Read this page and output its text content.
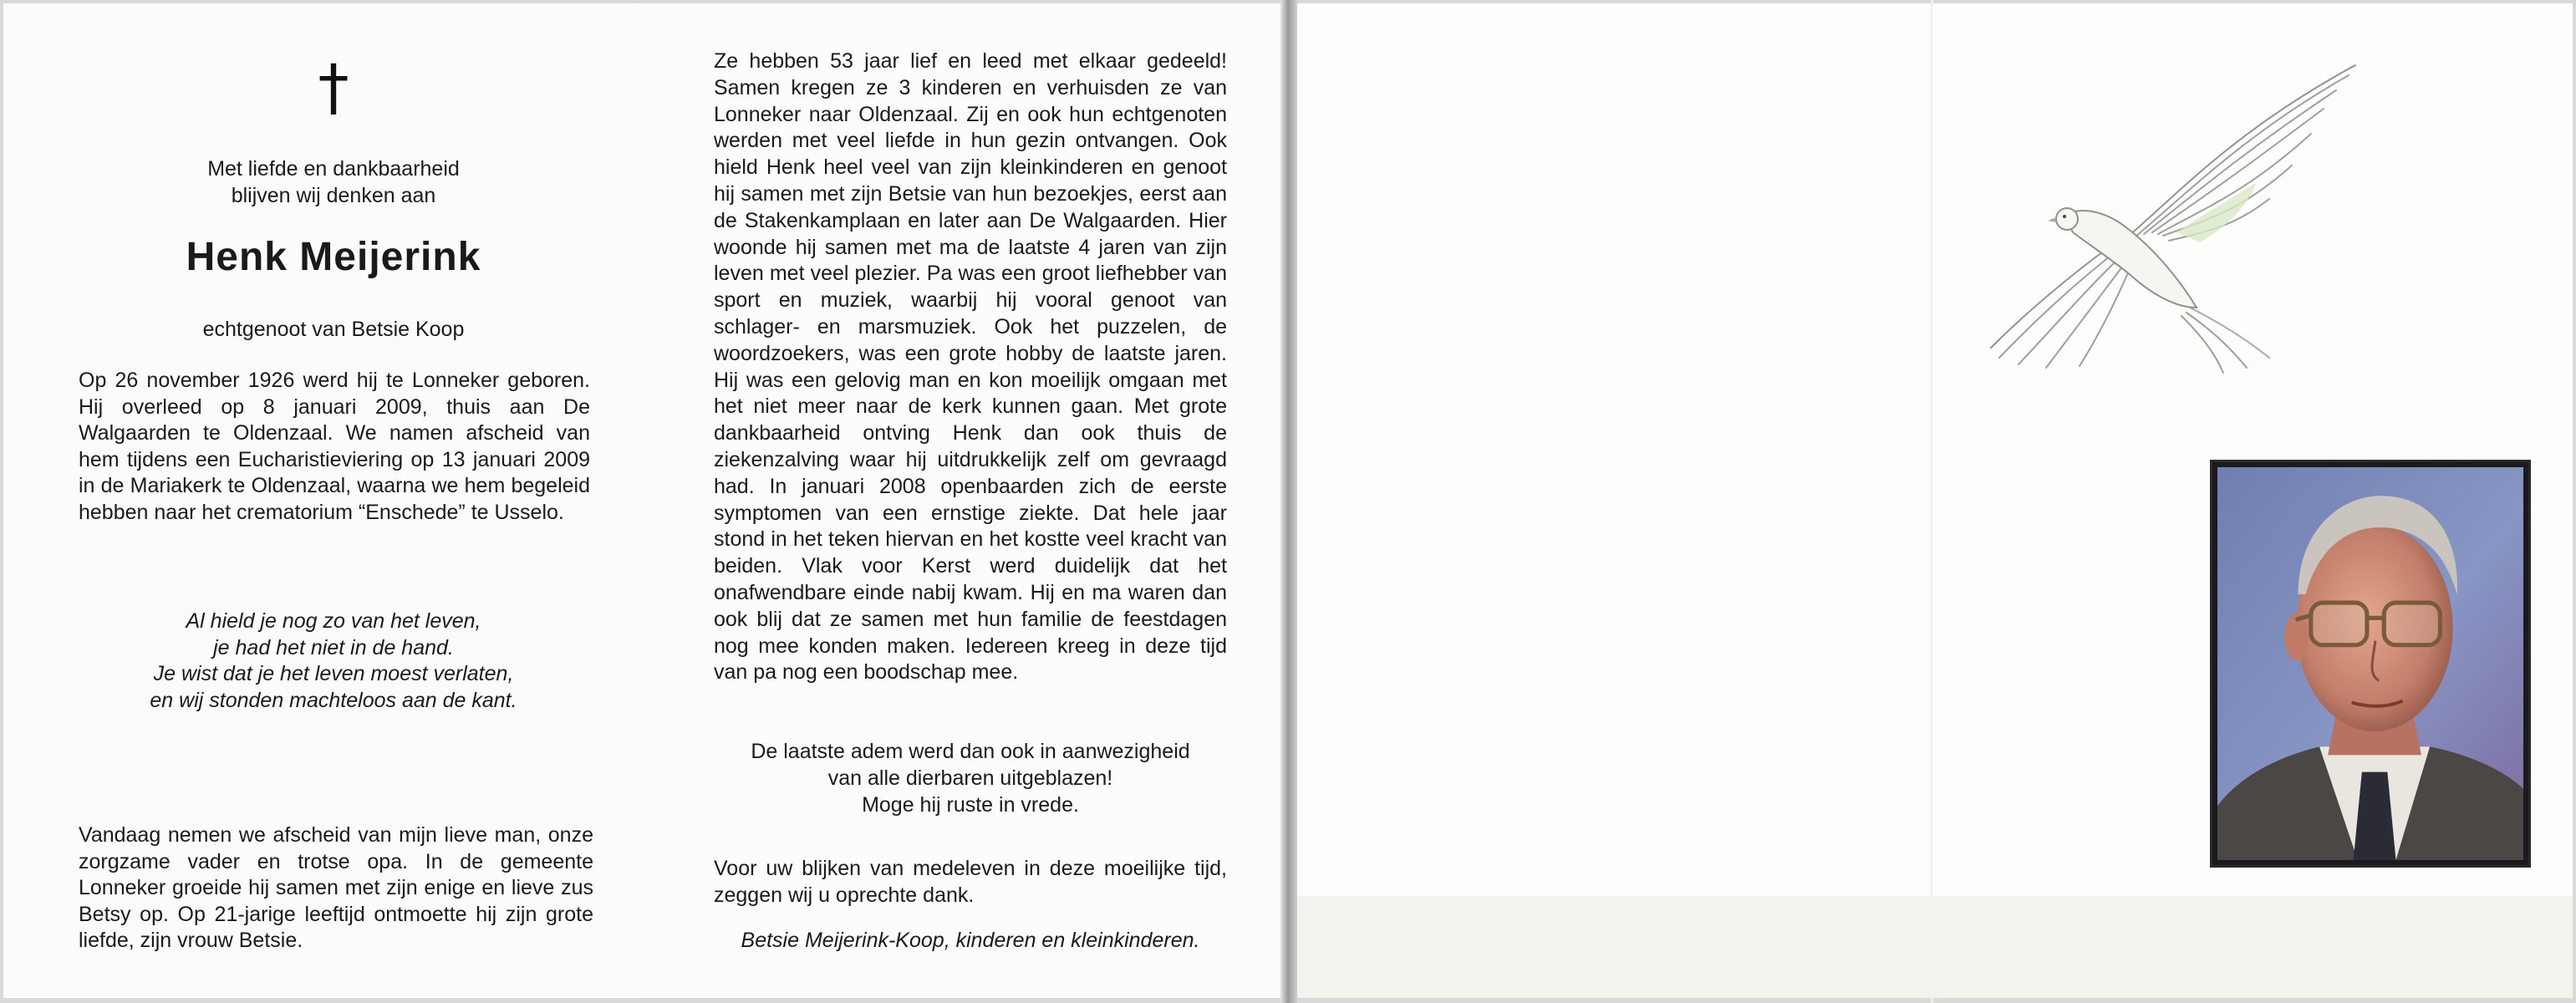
†
Met liefde en dankbaarheid
blijven wij denken aan
Henk Meijerink
echtgenoot van Betsie Koop
Op 26 november 1926 werd hij te Lonneker geboren. Hij overleed op 8 januari 2009, thuis aan De Walgaarden te Oldenzaal. We namen afscheid van hem tijdens een Eucharistieviering op 13 januari 2009 in de Mariakerk te Oldenzaal, waarna we hem begeleid hebben naar het crematorium “Enschede” te Usselo.
Al hield je nog zo van het leven,
je had het niet in de hand.
Je wist dat je het leven moest verlaten,
en wij stonden machteloos aan de kant.
Vandaag nemen we afscheid van mijn lieve man, onze zorgzame vader en trotse opa. In de gemeente Lonneker groeide hij samen met zijn enige en lieve zus Betsy op. Op 21-jarige leeftijd ontmoette hij zijn grote liefde, zijn vrouw Betsie.
Ze hebben 53 jaar lief en leed met elkaar gedeeld! Samen kregen ze 3 kinderen en verhuisden ze van Lonneker naar Oldenzaal. Zij en ook hun echtgenoten werden met veel liefde in hun gezin ontvangen. Ook hield Henk heel veel van zijn kleinkinderen en genoot hij samen met zijn Betsie van hun bezoekjes, eerst aan de Stakenkamplaan en later aan De Walgaarden. Hier woonde hij samen met ma de laatste 4 jaren van zijn leven met veel plezier. Pa was een groot liefhebber van sport en muziek, waarbij hij vooral genoot van schlager- en marsmuziek. Ook het puzzelen, de woordzoekers, was een grote hobby de laatste jaren. Hij was een gelovig man en kon moeilijk omgaan met het niet meer naar de kerk kunnen gaan. Met grote dankbaarheid ontving Henk dan ook thuis de ziekenzalving waar hij uitdrukkelijk zelf om gevraagd had. In januari 2008 openbaarden zich de eerste symptomen van een ernstige ziekte. Dat hele jaar stond in het teken hiervan en het kostte veel kracht van beiden. Vlak voor Kerst werd duidelijk dat het onafwendbare einde nabij kwam. Hij en ma waren dan ook blij dat ze samen met hun familie de feestdagen nog mee konden maken. Iedereen kreeg in deze tijd van pa nog een boodschap mee.
De laatste adem werd dan ook in aanwezigheid
van alle dierbaren uitgeblazen!
Moge hij ruste in vrede.
Voor uw blijken van medeleven in deze moeilijke tijd, zeggen wij u oprechte dank.
Betsie Meijerink-Koop, kinderen en kleinkinderen.
